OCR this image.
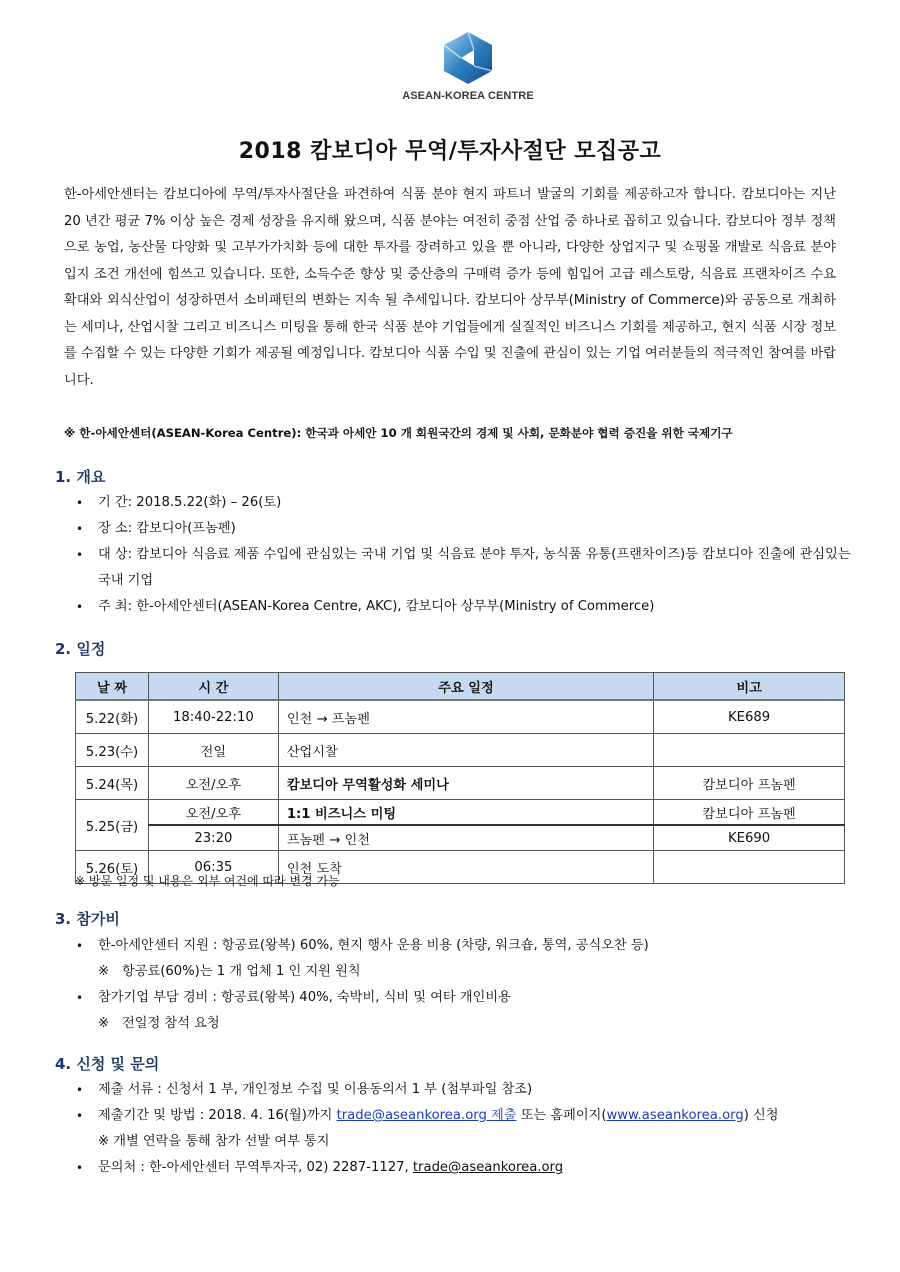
ASEAN-KOREA CENTRE
2018 캄보디아 무역/투자사절단 모집공고

한-아세안센터는 캄보디아에 무역/투자사절단을 파견하여 식품 분야 현지 파트너 발굴의 기회를 제공하고자 합니다. 캄보디아는 지난 20 년간 평균 7% 이상 높은 경제 성장을 유지해 왔으며, 식품 분야는 여전히 중점 산업 중 하나로 꼽히고 있습니다. 캄보디아 정부 정책으로 농업, 농산물 다양화 및 고부가가치화 등에 대한 투자를 장려하고 있을 뿐 아니라, 다양한 상업지구 및 쇼핑몰 개발로 식음료 분야 입지 조건 개선에 힘쓰고 있습니다. 또한, 소득수준 향상 및 중산층의 구매력 증가 등에 힘입어 고급 레스토랑, 식음료 프랜차이즈 수요 확대와 외식산업이 성장하면서 소비패턴의 변화는 지속 될 추세입니다. 캄보디아 상무부(Ministry of Commerce)와 공동으로 개최하는 세미나, 산업시찰 그리고 비즈니스 미팅을 통해 한국 식품 분야 기업들에게 실질적인 비즈니스 기회를 제공하고, 현지 식품 시장 정보를 수집할 수 있는 다양한 기회가 제공될 예정입니다. 캄보디아 식품 수입 및 진출에 관심이 있는 기업 여러분들의 적극적인 참여를 바랍니다.

※ 한-아세안센터(ASEAN-Korea Centre): 한국과 아세안 10 개 회원국간의 경제 및 사회, 문화분야 협력 증진을 위한 국제기구
1. 개요
• 기 간: 2018.5.22(화) – 26(토)
• 장 소: 캄보디아(프놈펜)
• 대 상: 캄보디아 식음료 제품 수입에 관심있는 국내 기업 및 식음료 분야 투자, 농식품 유통(프랜차이즈)등 캄보디아 진출에 관심있는 국내 기업
• 주 최: 한-아세안센터(ASEAN-Korea Centre, AKC), 캄보디아 상무부(Ministry of Commerce)
2. 일정
날 짜	시 간	주요 일정	비고
5.22(화)	18:40-22:10	인천 → 프놈펜	KE689
5.23(수)	전일	산업시찰	
5.24(목)	오전/오후	캄보디아 무역활성화 세미나	캄보디아 프놈펜
5.25(금)	오전/오후	1:1 비즈니스 미팅	캄보디아 프놈펜
	23:20	프놈펜 → 인천	KE690
5.26(토)	06:35	인천 도착	
※ 방문 일정 및 내용은 외부 여건에 따라 변경 가능
3. 참가비
• 한-아세안센터 지원 : 항공료(왕복) 60%, 현지 행사 운용 비용 (차량, 워크숍, 통역, 공식오찬 등)
※ 항공료(60%)는 1 개 업체 1 인 지원 원칙
• 참가기업 부담 경비 : 항공료(왕복) 40%, 숙박비, 식비 및 여타 개인비용
※ 전일정 참석 요청
4. 신청 및 문의
• 제출 서류 : 신청서 1 부, 개인정보 수집 및 이용동의서 1 부 (첨부파일 참조)
• 제출기간 및 방법 : 2018. 4. 16(월)까지 trade@aseankorea.org 제출 또는 홈페이지(www.aseankorea.org) 신청
※ 개별 연락을 통해 참가 선발 여부 통지
• 문의처 : 한-아세안센터 무역투자국, 02) 2287-1127, trade@aseankorea.org
